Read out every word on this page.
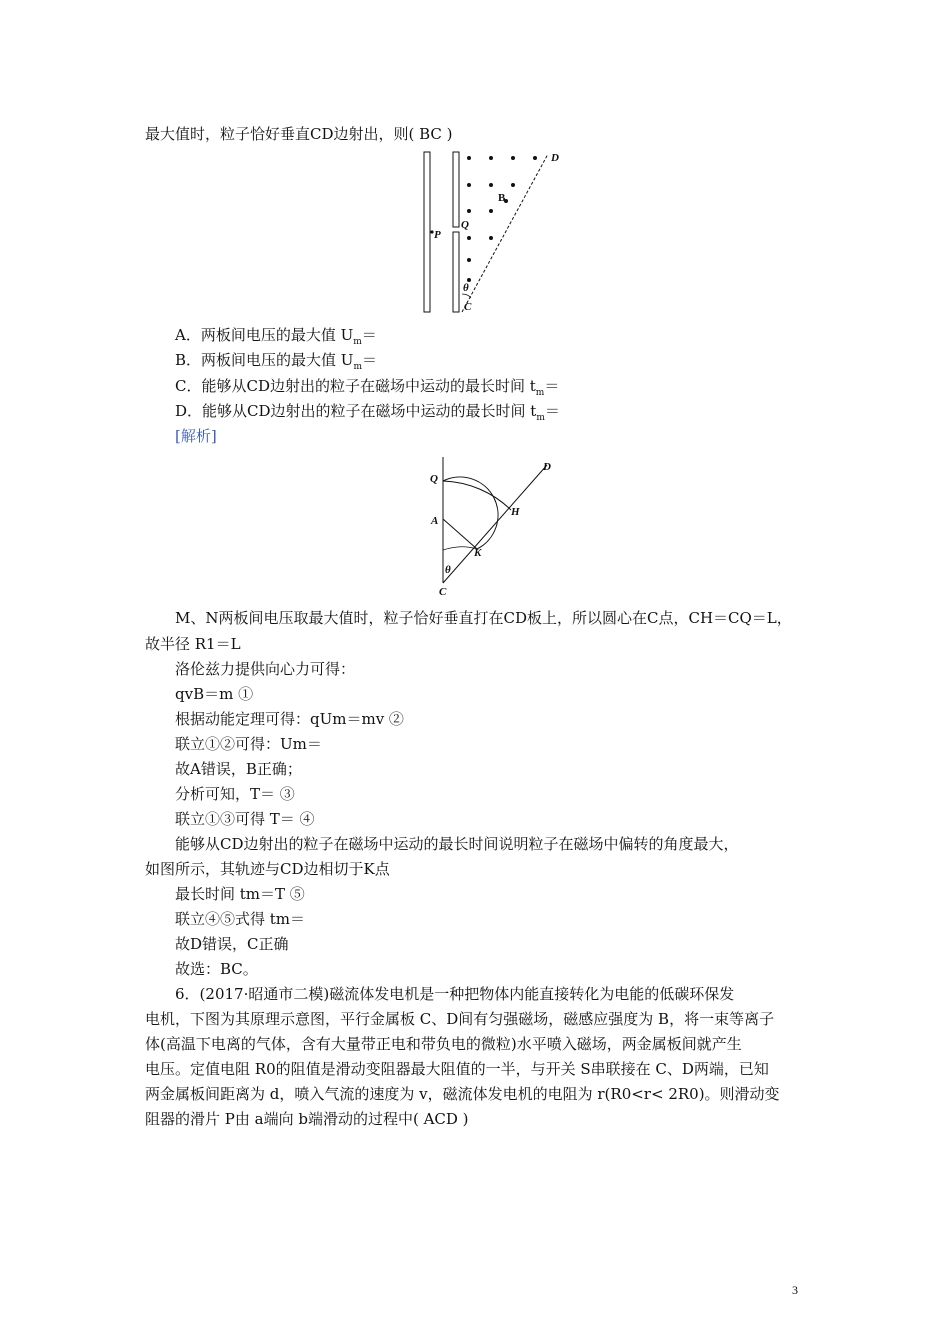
最大值时，粒子恰好垂直CD边射出，则( BC )
D
B
Q
P
θ
C
A．两板间电压的最大值 $U_m=$
B．两板间电压的最大值 $U_m=$
C．能够从CD边射出的粒子在磁场中运动的最长时间 $t_m=$
D．能够从CD边射出的粒子在磁场中运动的最长时间 $t_m=$
[解析]
D
Q
H
A
K
θ
C
M、N两板间电压取最大值时，粒子恰好垂直打在CD板上，所以圆心在C点，CH＝CQ＝L，
故半径 R1＝L
洛伦兹力提供向心力可得：
qvB＝m ①
根据动能定理可得：qUm＝mv ②
联立①②可得：Um＝
故A错误，B正确；
分析可知，T＝ ③
联立①③可得 T＝ ④
能够从CD边射出的粒子在磁场中运动的最长时间说明粒子在磁场中偏转的角度最大，
如图所示，其轨迹与CD边相切于K点
最长时间 tm＝T ⑤
联立④⑤式得 tm＝
故D错误，C正确
故选：BC。
6．(2017·昭通市二模)磁流体发电机是一种把物体内能直接转化为电能的低碳环保发
电机，下图为其原理示意图，平行金属板 C、D间有匀强磁场，磁感应强度为 B，将一束等离子
体(高温下电离的气体，含有大量带正电和带负电的微粒)水平喷入磁场，两金属板间就产生
电压。定值电阻 R0的阻值是滑动变阻器最大阻值的一半，与开关 S串联接在 C、D两端，已知
两金属板间距离为 d，喷入气流的速度为 v，磁流体发电机的电阻为 r(R0<r< 2R0)。则滑动变
阻器的滑片 P由 a端向 b端滑动的过程中( ACD )
3
